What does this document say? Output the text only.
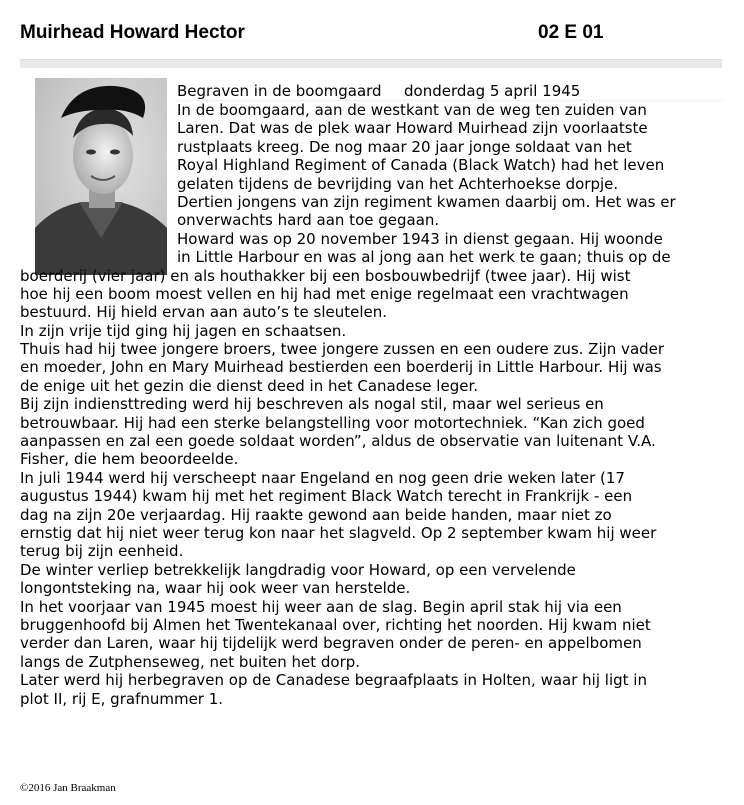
Muirhead Howard Hector	02 E 01
Begraven in de boomgaard donderdag 5 april 1945
In de boomgaard, aan de westkant van de weg ten zuiden van
Laren. Dat was de plek waar Howard Muirhead zijn voorlaatste
rustplaats kreeg. De nog maar 20 jaar jonge soldaat van het
Royal Highland Regiment of Canada (Black Watch) had het leven
gelaten tijdens de bevrijding van het Achterhoekse dorpje.
Dertien jongens van zijn regiment kwamen daarbij om. Het was er
onverwachts hard aan toe gegaan.
Howard was op 20 november 1943 in dienst gegaan. Hij woonde
in Little Harbour en was al jong aan het werk te gaan; thuis op de
boerderij (vier jaar) en als houthakker bij een bosbouwbedrijf (twee jaar). Hij wist
hoe hij een boom moest vellen en hij had met enige regelmaat een vrachtwagen
bestuurd. Hij hield ervan aan auto’s te sleutelen.
In zijn vrije tijd ging hij jagen en schaatsen.
Thuis had hij twee jongere broers, twee jongere zussen en een oudere zus. Zijn vader
en moeder, John en Mary Muirhead bestierden een boerderij in Little Harbour. Hij was
de enige uit het gezin die dienst deed in het Canadese leger.
Bij zijn indiensttreding werd hij beschreven als nogal stil, maar wel serieus en
betrouwbaar. Hij had een sterke belangstelling voor motortechniek. “Kan zich goed
aanpassen en zal een goede soldaat worden”, aldus de observatie van luitenant V.A.
Fisher, die hem beoordeelde.
In juli 1944 werd hij verscheept naar Engeland en nog geen drie weken later (17
augustus 1944) kwam hij met het regiment Black Watch terecht in Frankrijk - een
dag na zijn 20e verjaardag. Hij raakte gewond aan beide handen, maar niet zo
ernstig dat hij niet weer terug kon naar het slagveld. Op 2 september kwam hij weer
terug bij zijn eenheid.
De winter verliep betrekkelijk langdradig voor Howard, op een vervelende
longontsteking na, waar hij ook weer van herstelde.
In het voorjaar van 1945 moest hij weer aan de slag. Begin april stak hij via een
bruggenhoofd bij Almen het Twentekanaal over, richting het noorden. Hij kwam niet
verder dan Laren, waar hij tijdelijk werd begraven onder de peren- en appelbomen
langs de Zutphenseweg, net buiten het dorp.
Later werd hij herbegraven op de Canadese begraafplaats in Holten, waar hij ligt in
plot II, rij E, grafnummer 1.
©2016 Jan Braakman
